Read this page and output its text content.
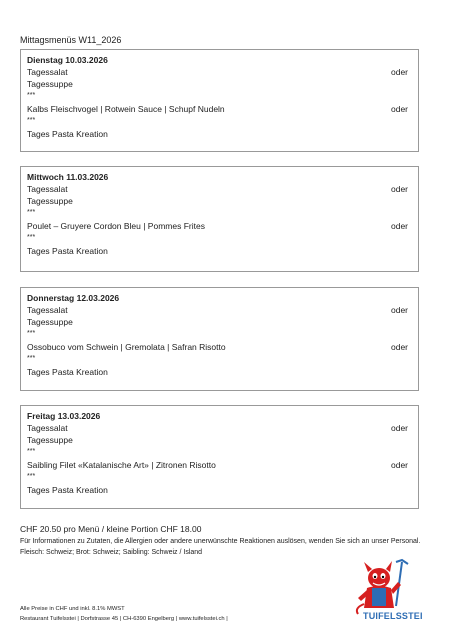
Mittagsmenüs W11_2026
Dienstag 10.03.2026
Tagessalat
Tagessuppe
***
Kalbs Fleischvogel | Rotwein Sauce | Schupf Nudeln
***
Tages Pasta Kreation
oder
oder
Mittwoch 11.03.2026
Tagessalat
Tagessuppe
***
Poulet – Gruyere Cordon Bleu | Pommes Frites
***
Tages Pasta Kreation
oder
oder
Donnerstag 12.03.2026
Tagessalat
Tagessuppe
***
Ossobuco vom Schwein | Gremolata | Safran Risotto
***
Tages Pasta Kreation
oder
oder
Freitag 13.03.2026
Tagessalat
Tagessuppe
***
Saibling Filet «Katalanische Art» | Zitronen Risotto
***
Tages Pasta Kreation
oder
oder
CHF 20.50 pro Menü / kleine Portion CHF 18.00
Für Informationen zu Zutaten, die Allergien oder andere unerwünschte Reaktionen auslösen, wenden Sie sich an unser Personal. Fleisch: Schweiz; Brot: Schweiz; Saibling: Schweiz / Island
Alle Preise in CHF und inkl. 8.1% MWST
Restaurant Tuifelsstei | Dorfstrasse 45 | CH-6390 Engelberg | www.tuifelsstei.ch |	TUIFELSSTEI
